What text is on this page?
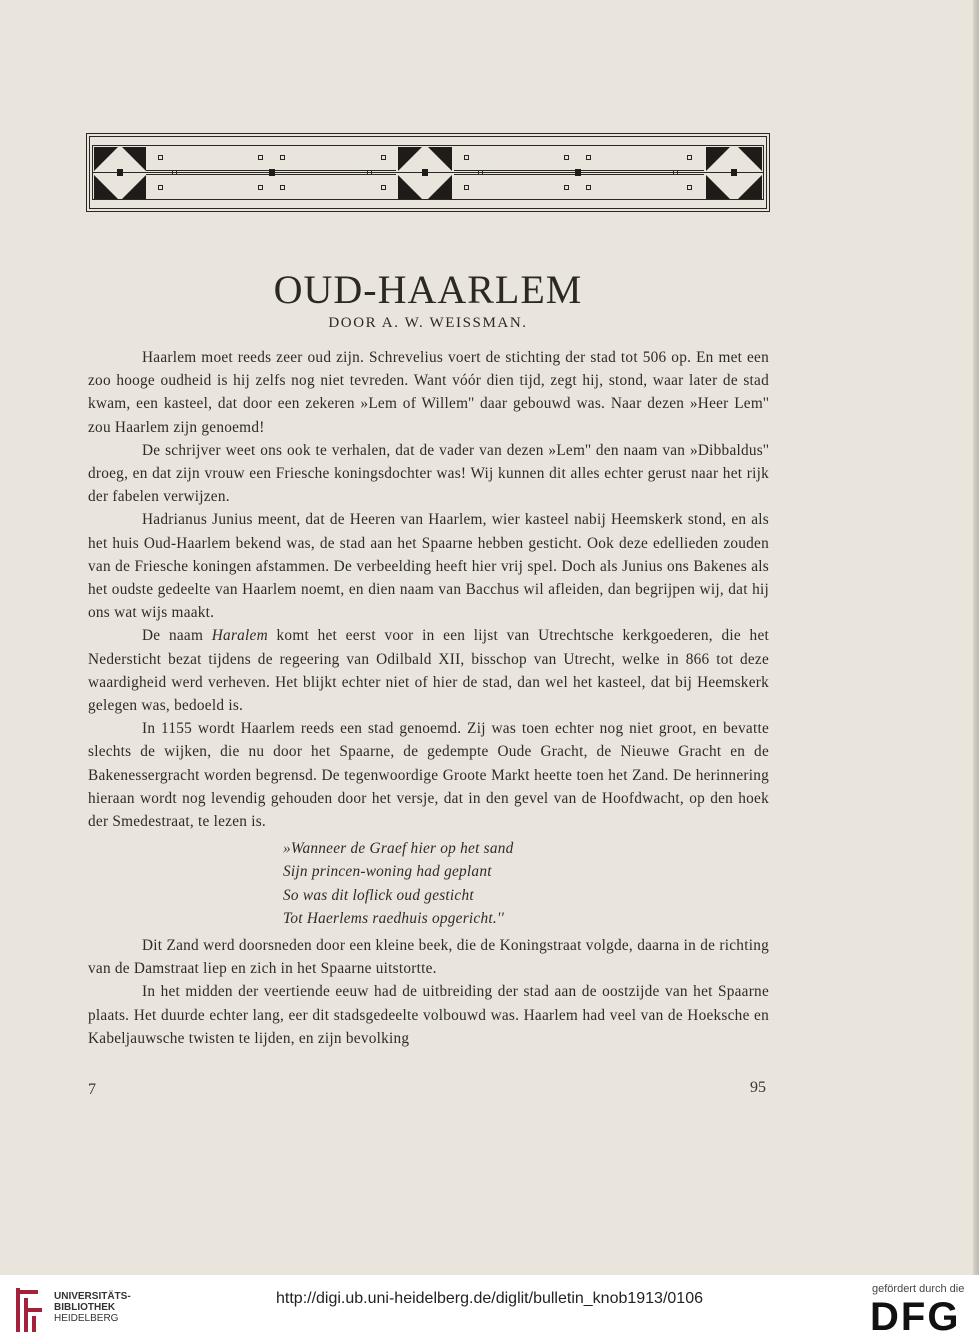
OUD-HAARLEM
DOOR A. W. WEISSMAN.

Haarlem moet reeds zeer oud zijn. Schrevelius voert de stichting der stad tot 506 op. En met een zoo hooge oudheid is hij zelfs nog niet tevreden. Want vóór dien tijd, zegt hij, stond, waar later de stad kwam, een kasteel, dat door een zekeren »Lem of Willem'' daar gebouwd was. Naar dezen »Heer Lem'' zou Haarlem zijn genoemd!

De schrijver weet ons ook te verhalen, dat de vader van dezen »Lem'' den naam van »Dibbaldus'' droeg, en dat zijn vrouw een Friesche koningsdochter was! Wij kunnen dit alles echter gerust naar het rijk der fabelen verwijzen.

Hadrianus Junius meent, dat de Heeren van Haarlem, wier kasteel nabij Heemskerk stond, en als het huis Oud-Haarlem bekend was, de stad aan het Spaarne hebben gesticht. Ook deze edellieden zouden van de Friesche koningen afstammen. De verbeelding heeft hier vrij spel. Doch als Junius ons Bakenes als het oudste gedeelte van Haarlem noemt, en dien naam van Bacchus wil afleiden, dan begrijpen wij, dat hij ons wat wijs maakt.

De naam Haralem komt het eerst voor in een lijst van Utrechtsche kerkgoederen, die het Nedersticht bezat tijdens de regeering van Odilbald XII, bisschop van Utrecht, welke in 866 tot deze waardigheid werd verheven. Het blijkt echter niet of hier de stad, dan wel het kasteel, dat bij Heemskerk gelegen was, bedoeld is.

In 1155 wordt Haarlem reeds een stad genoemd. Zij was toen echter nog niet groot, en bevatte slechts de wijken, die nu door het Spaarne, de gedempte Oude Gracht, de Nieuwe Gracht en de Bakenessergracht worden begrensd. De tegenwoordige Groote Markt heette toen het Zand. De herinnering hieraan wordt nog levendig gehouden door het versje, dat in den gevel van de Hoofdwacht, op den hoek der Smedestraat, te lezen is.

»Wanneer de Graef hier op het sand
Sijn princen-woning had geplant
So was dit loflick oud gesticht
Tot Haerlems raedhuis opgericht.''

Dit Zand werd doorsneden door een kleine beek, die de Koningstraat volgde, daarna in de richting van de Damstraat liep en zich in het Spaarne uitstortte.

In het midden der veertiende eeuw had de uitbreiding der stad aan de oostzijde van het Spaarne plaats. Het duurde echter lang, eer dit stadsgedeelte volbouwd was. Haarlem had veel van de Hoeksche en Kabeljauwsche twisten te lijden, en zijn bevolking

7	95
UNIVERSITÄTS-
BIBLIOTHEK
HEIDELBERG
http://digi.ub.uni-heidelberg.de/diglit/bulletin_knob1913/0106
gefördert durch die
DFG
